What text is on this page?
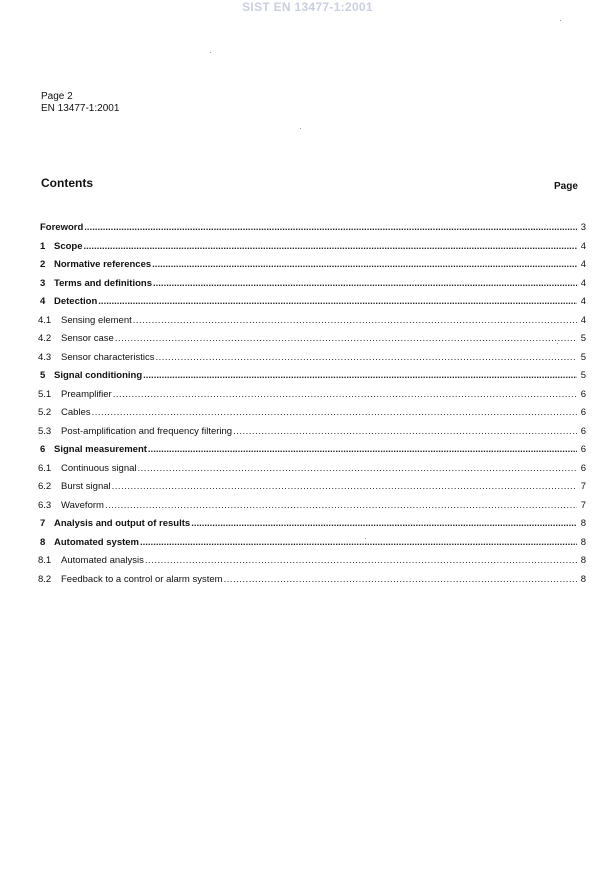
SIST EN 13477-1:2001
Page 2
EN 13477-1:2001
Contents	Page
Foreword .....	3
1 Scope .....	4
2 Normative references .....	4
3 Terms and definitions .....	4
4 Detection .....	4
4.1	Sensing element .....	4
4.2	Sensor case .....	5
4.3	Sensor characteristics .....	5
5 Signal conditioning .....	5
5.1	Preamplifier .....	6
5.2	Cables .....	6
5.3	Post-amplification and frequency filtering .....	6
6 Signal measurement .....	6
6.1	Continuous signal .....	6
6.2	Burst signal .....	7
6.3	Waveform .....	7
7 Analysis and output of results .....	8
8 Automated system .....	8
8.1	Automated analysis .....	8
8.2	Feedback to a control or alarm system .....	8
